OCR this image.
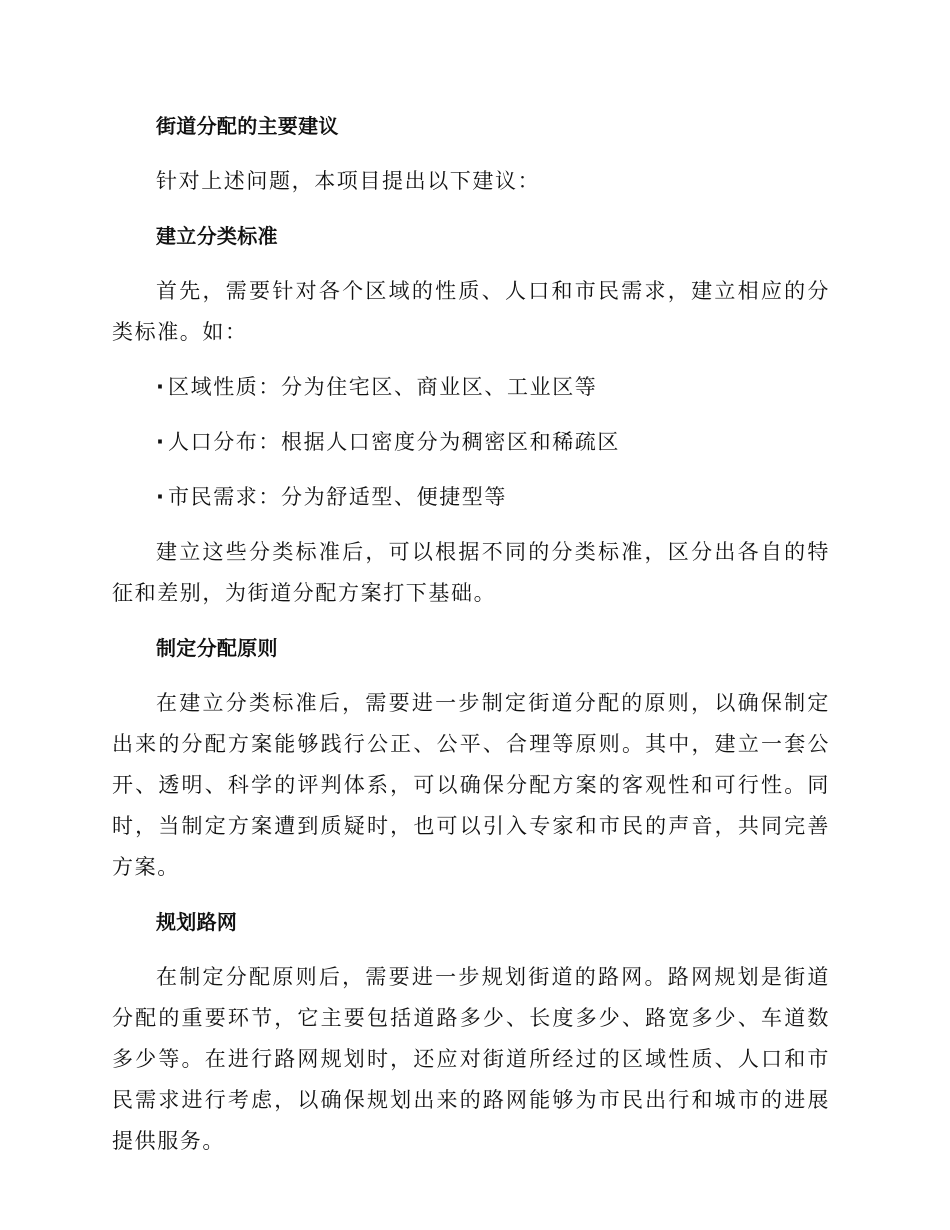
街道分配的主要建议
针对上述问题，本项目提出以下建议：
建立分类标准
首先，需要针对各个区域的性质、人口和市民需求，建立相应的分类标准。如：
· 区域性质：分为住宅区、商业区、工业区等
· 人口分布：根据人口密度分为稠密区和稀疏区
· 市民需求：分为舒适型、便捷型等
建立这些分类标准后，可以根据不同的分类标准，区分出各自的特征和差别，为街道分配方案打下基础。
制定分配原则
在建立分类标准后，需要进一步制定街道分配的原则，以确保制定出来的分配方案能够践行公正、公平、合理等原则。其中，建立一套公开、透明、科学的评判体系，可以确保分配方案的客观性和可行性。同时，当制定方案遭到质疑时，也可以引入专家和市民的声音，共同完善方案。
规划路网
在制定分配原则后，需要进一步规划街道的路网。路网规划是街道分配的重要环节，它主要包括道路多少、长度多少、路宽多少、车道数多少等。在进行路网规划时，还应对街道所经过的区域性质、人口和市民需求进行考虑，以确保规划出来的路网能够为市民出行和城市的进展提供服务。
